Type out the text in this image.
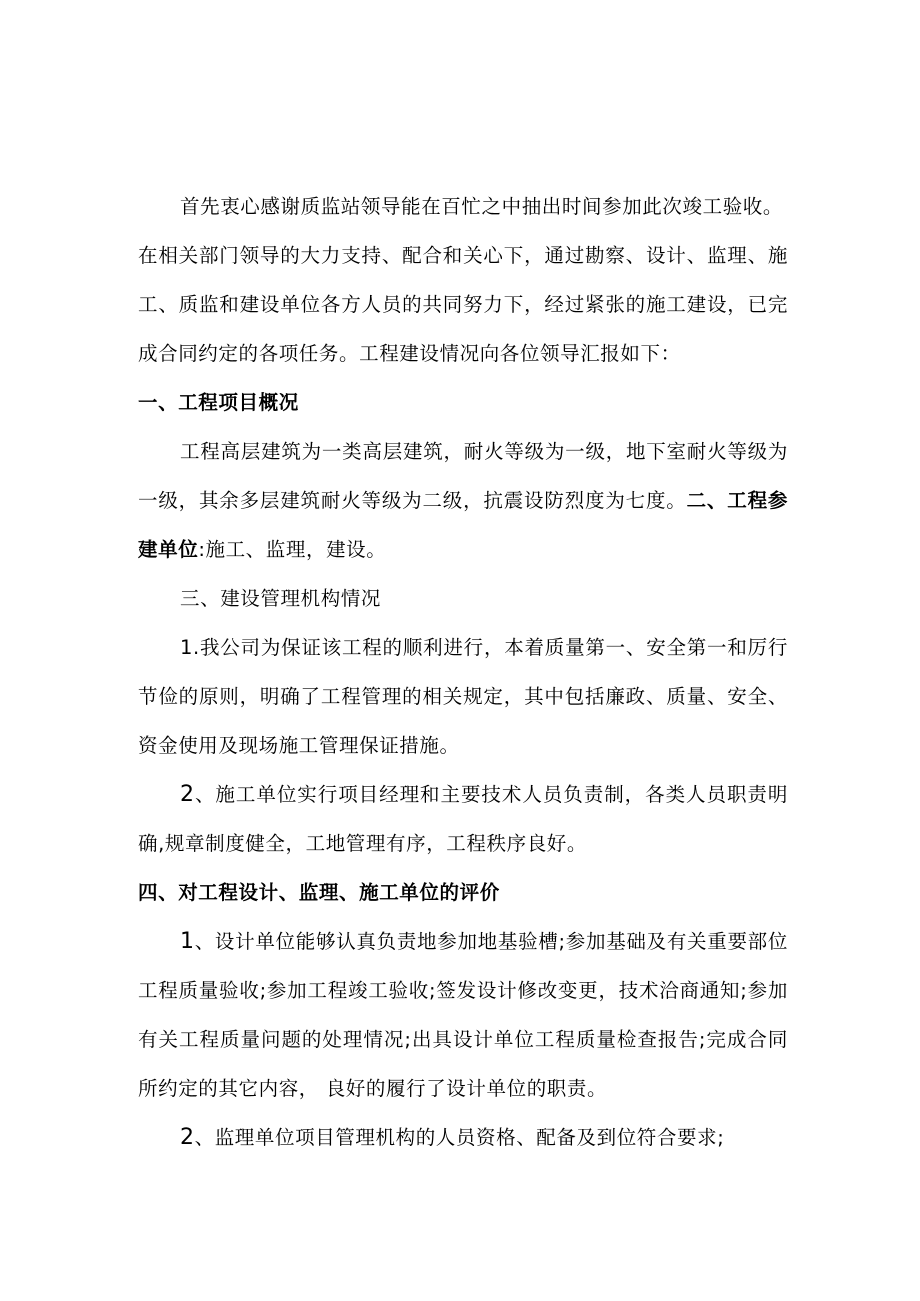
首先衷心感谢质监站领导能在百忙之中抽出时间参加此次竣工验收。
在相关部门领导的大力支持、配合和关心下，通过勘察、设计、监理、施
工、质监和建设单位各方人员的共同努力下，经过紧张的施工建设，已完
成合同约定的各项任务。工程建设情况向各位领导汇报如下：
一、工程项目概况
工程高层建筑为一类高层建筑，耐火等级为一级，地下室耐火等级为
一级，其余多层建筑耐火等级为二级，抗震设防烈度为七度。二、工程参
建单位:施工、监理，建设。
三、建设管理机构情况
1.我公司为保证该工程的顺利进行，本着质量第一、安全第一和厉行
节俭的原则，明确了工程管理的相关规定，其中包括廉政、质量、安全、
资金使用及现场施工管理保证措施。
2、施工单位实行项目经理和主要技术人员负责制，各类人员职责明
确,规章制度健全，工地管理有序，工程秩序良好。
四、对工程设计、监理、施工单位的评价
1、设计单位能够认真负责地参加地基验槽;参加基础及有关重要部位
工程质量验收;参加工程竣工验收;签发设计修改变更，技术洽商通知;参加
有关工程质量问题的处理情况;出具设计单位工程质量检查报告;完成合同
所约定的其它内容， 良好的履行了设计单位的职责。
2、监理单位项目管理机构的人员资格、配备及到位符合要求;
